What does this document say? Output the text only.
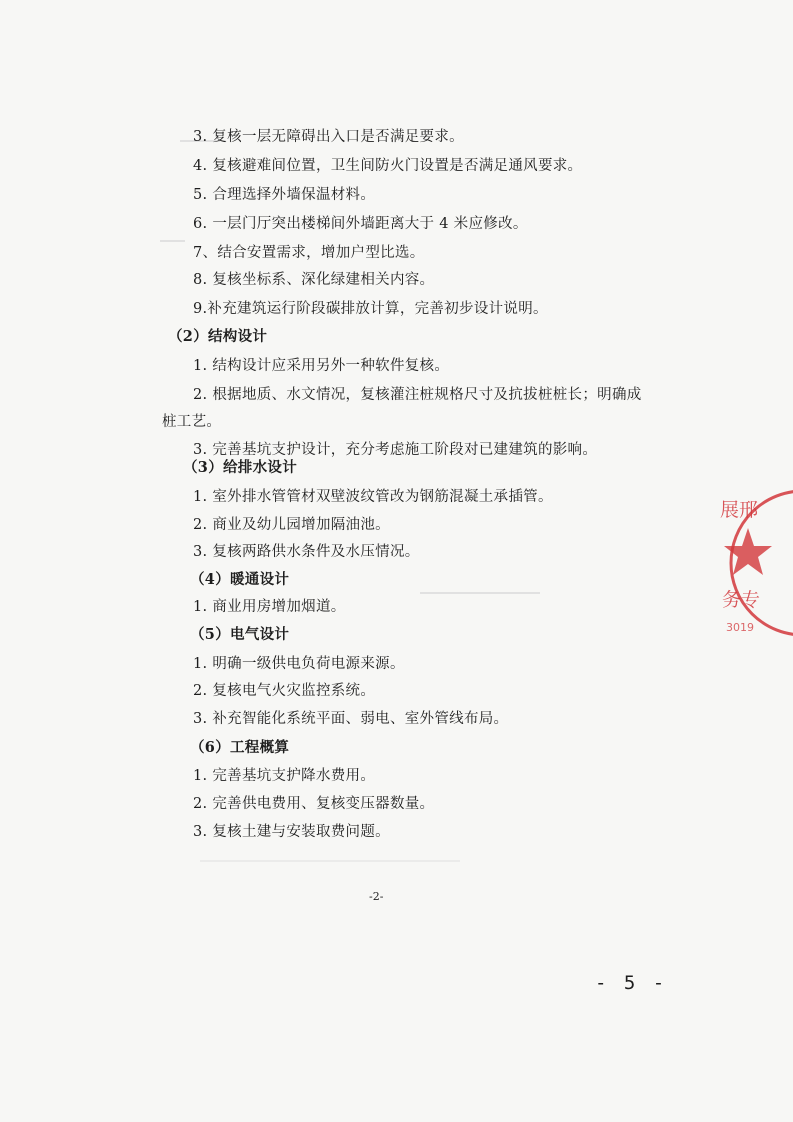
3. 复核一层无障碍出入口是否满足要求。
4. 复核避难间位置，卫生间防火门设置是否满足通风要求。
5. 合理选择外墙保温材料。
6. 一层门厅突出楼梯间外墙距离大于 4 米应修改。
7、结合安置需求，增加户型比选。
8. 复核坐标系、深化绿建相关内容。
9.补充建筑运行阶段碳排放计算，完善初步设计说明。
（2）结构设计
1. 结构设计应采用另外一种软件复核。
2. 根据地质、水文情况，复核灌注桩规格尺寸及抗拔桩桩长；明确成
桩工艺。
3. 完善基坑支护设计，充分考虑施工阶段对已建建筑的影响。
（3）给排水设计
1. 室外排水管管材双壁波纹管改为钢筋混凝土承插管。
2. 商业及幼儿园增加隔油池。
3. 复核两路供水条件及水压情况。
（4）暖通设计
1. 商业用房增加烟道。
（5）电气设计
1. 明确一级供电负荷电源来源。
2. 复核电气火灾监控系统。
3. 补充智能化系统平面、弱电、室外管线布局。
（6）工程概算
1. 完善基坑支护降水费用。
2. 完善供电费用、复核变压器数量。
3. 复核土建与安装取费问题。
-2-
- 5 -
展邢
务专
3019
